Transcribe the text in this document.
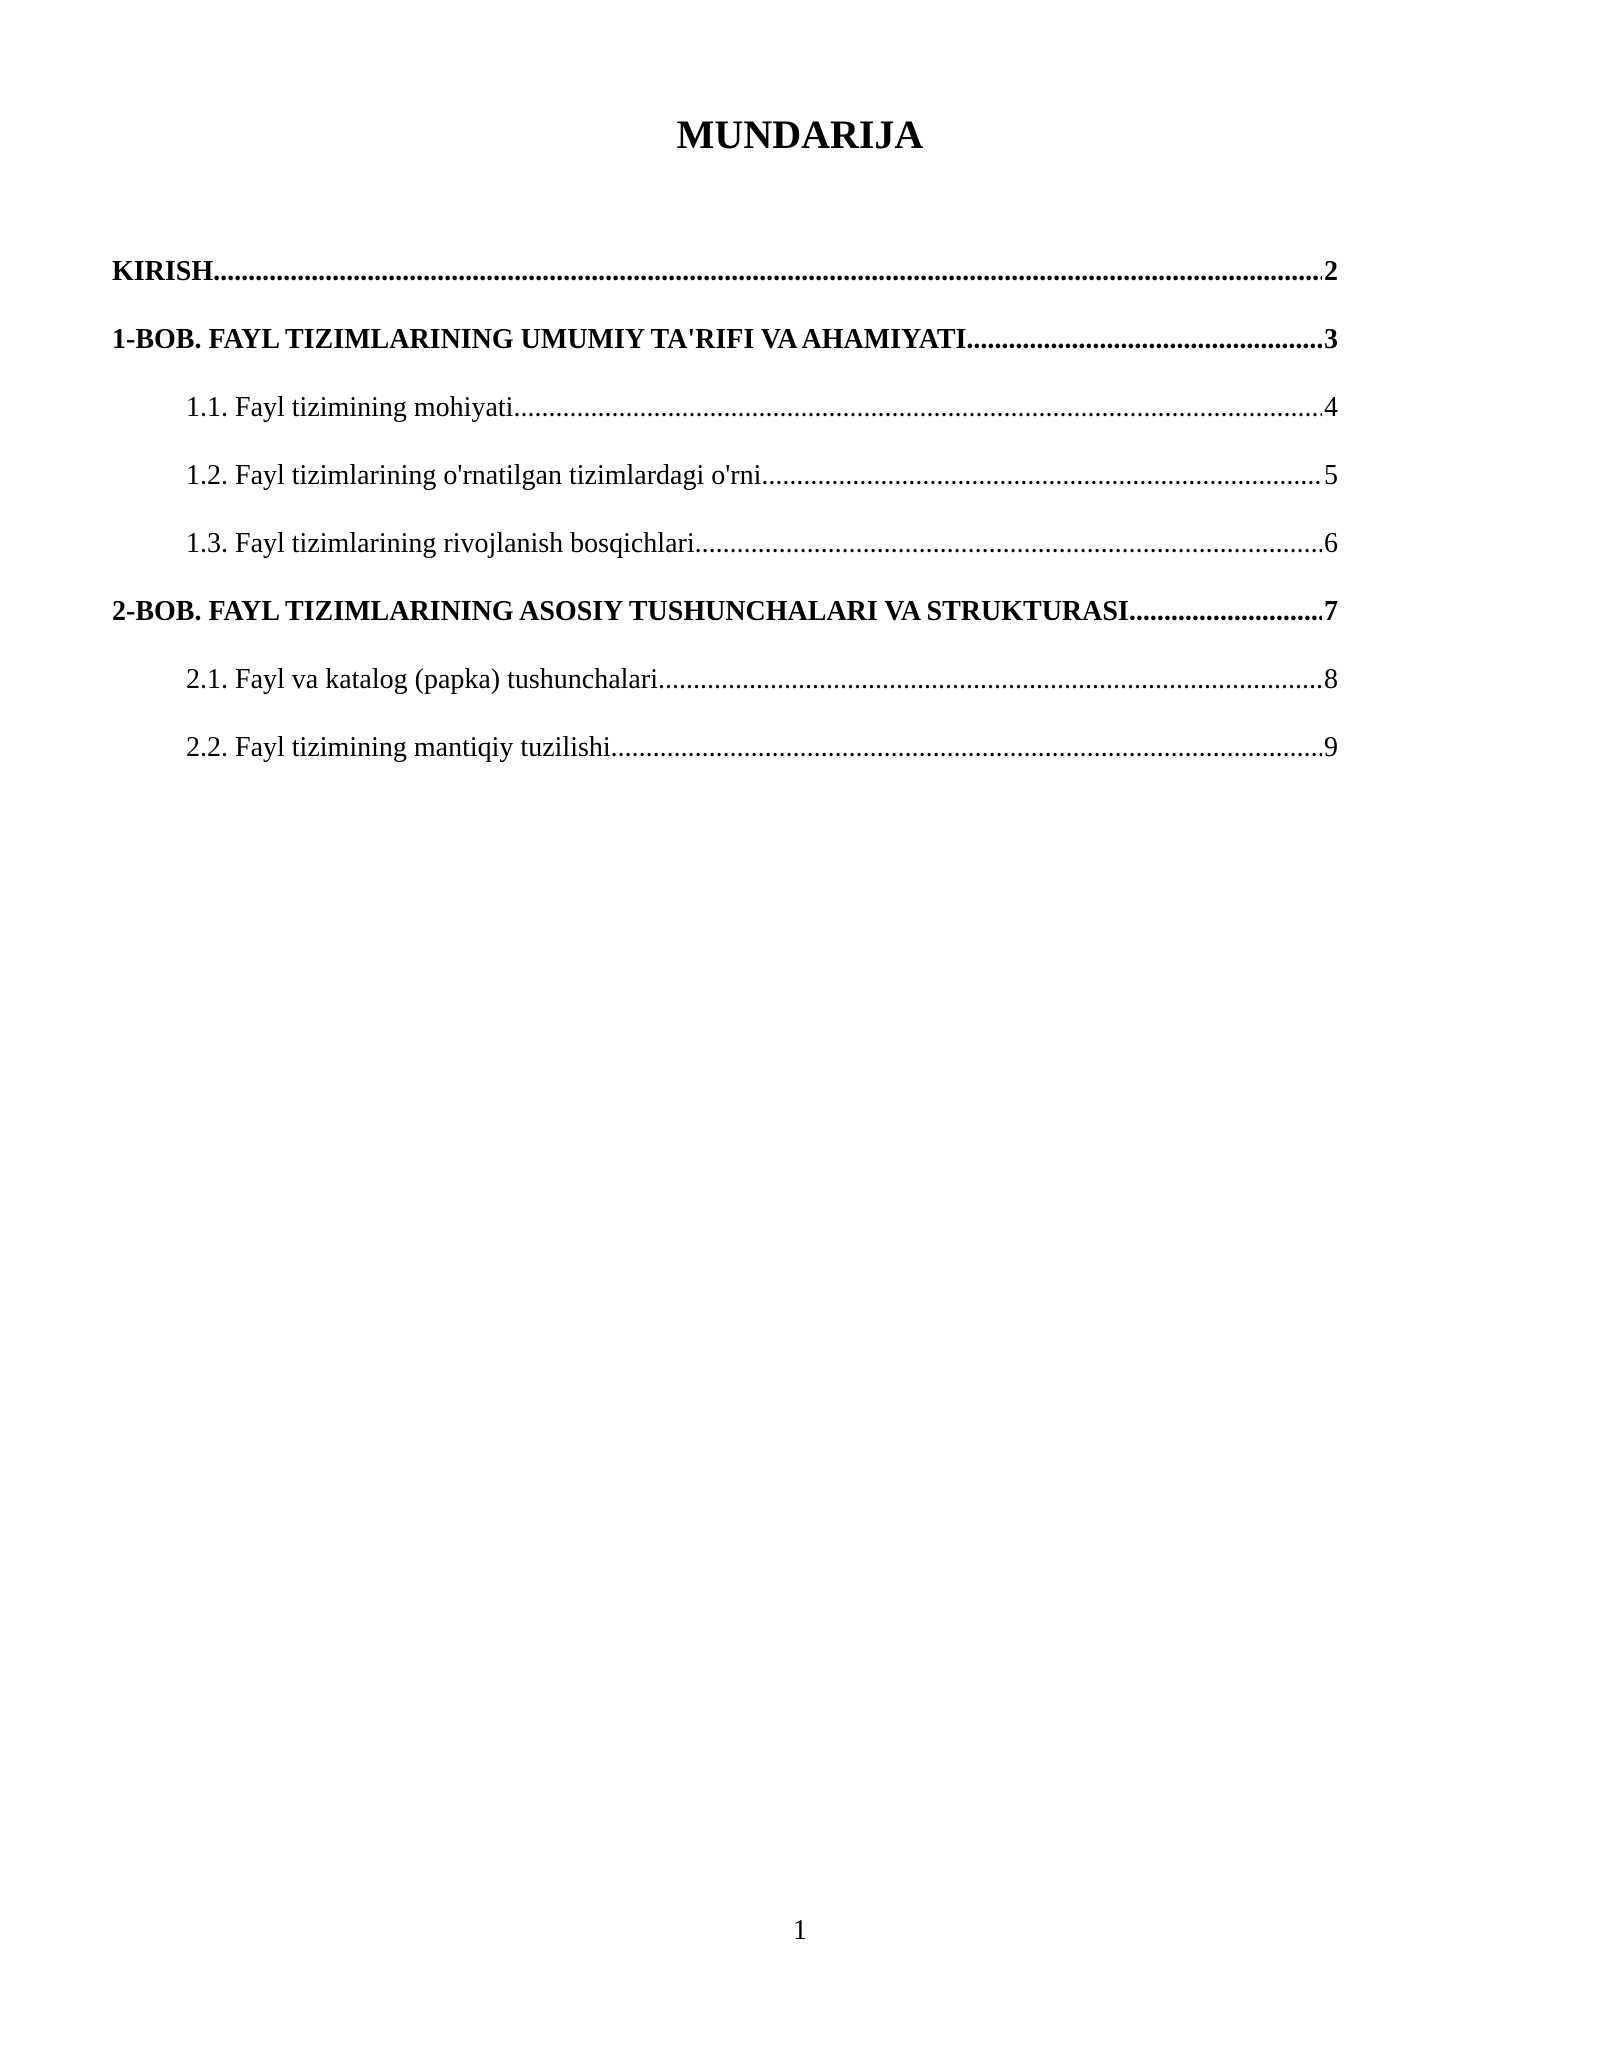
MUNDARIJA
KIRISH .....	2
1-BOB. FAYL TIZIMLARINING UMUMIY TA'RIFI VA AHAMIYATI .....	3
1.1. Fayl tizimining mohiyati .....	4
1.2. Fayl tizimlarining o'rnatilgan tizimlardagi o'rni .....	5
1.3. Fayl tizimlarining rivojlanish bosqichlari .....	6
2-BOB. FAYL TIZIMLARINING ASOSIY TUSHUNCHALARI VA STRUKTURASI .....	7
2.1. Fayl va katalog (papka) tushunchalari .....	8
2.2. Fayl tizimining mantiqiy tuzilishi .....	9
1
